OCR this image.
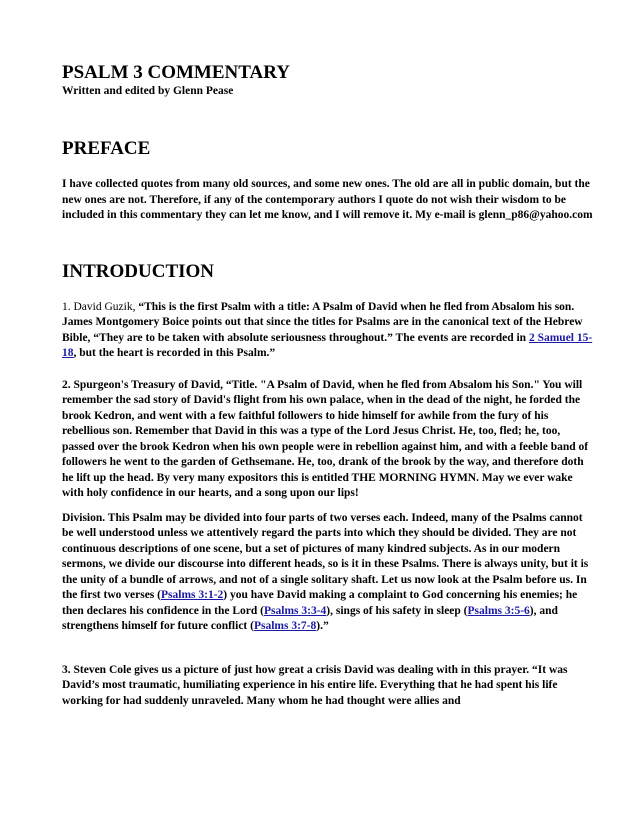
PSALM 3 COMMENTARY
Written and edited by Glenn Pease
PREFACE

I have collected quotes from many old sources, and some new ones. The old are all in public domain, but the new ones are not. Therefore, if any of the contemporary authors I quote do not wish their wisdom to be included in this commentary they can let me know, and I will remove it. My e-mail is glenn_p86@yahoo.com

INTRODUCTION

1. David Guzik, “This is the first Psalm with a title: A Psalm of David when he fled from Absalom his son. James Montgomery Boice points out that since the titles for Psalms are in the canonical text of the Hebrew Bible, “They are to be taken with absolute seriousness throughout.” The events are recorded in 2 Samuel 15-18, but the heart is recorded in this Psalm.”

2. Spurgeon's Treasury of David, “Title. "A Psalm of David, when he fled from Absalom his Son." You will remember the sad story of David's flight from his own palace, when in the dead of the night, he forded the brook Kedron, and went with a few faithful followers to hide himself for awhile from the fury of his rebellious son. Remember that David in this was a type of the Lord Jesus Christ. He, too, fled; he, too, passed over the brook Kedron when his own people were in rebellion against him, and with a feeble band of followers he went to the garden of Gethsemane. He, too, drank of the brook by the way, and therefore doth he lift up the head. By very many expositors this is entitled THE MORNING HYMN. May we ever wake with holy confidence in our hearts, and a song upon our lips!

Division. This Psalm may be divided into four parts of two verses each. Indeed, many of the Psalms cannot be well understood unless we attentively regard the parts into which they should be divided. They are not continuous descriptions of one scene, but a set of pictures of many kindred subjects. As in our modern sermons, we divide our discourse into different heads, so is it in these Psalms. There is always unity, but it is the unity of a bundle of arrows, and not of a single solitary shaft. Let us now look at the Psalm before us. In the first two verses (Psalms 3:1-2) you have David making a complaint to God concerning his enemies; he then declares his confidence in the Lord (Psalms 3:3-4), sings of his safety in sleep (Psalms 3:5-6), and strengthens himself for future conflict (Psalms 3:7-8).”

3. Steven Cole gives us a picture of just how great a crisis David was dealing with in this prayer. “It was David’s most traumatic, humiliating experience in his entire life. Everything that he had spent his life working for had suddenly unraveled. Many whom he had thought were allies and
